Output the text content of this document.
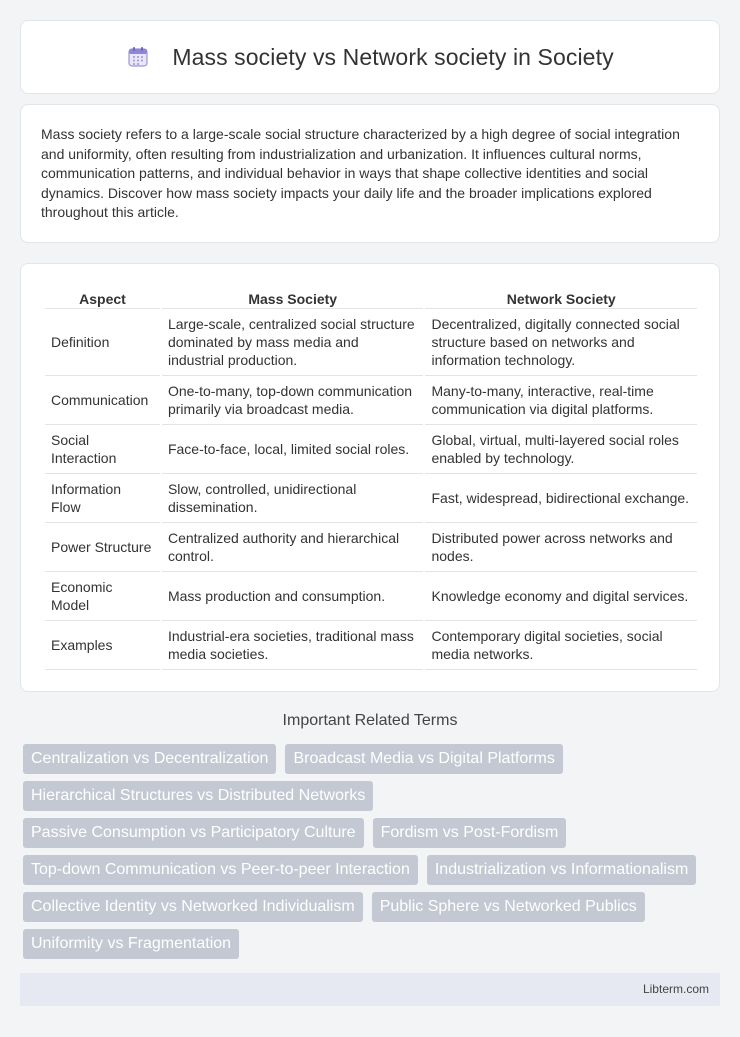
Mass society vs Network society in Society

Mass society refers to a large-scale social structure characterized by a high degree of social integration and uniformity, often resulting from industrialization and urbanization. It influences cultural norms, communication patterns, and individual behavior in ways that shape collective identities and social dynamics. Discover how mass society impacts your daily life and the broader implications explored throughout this article.

Aspect	Mass Society	Network Society
Definition	Large-scale, centralized social structure dominated by mass media and industrial production.	Decentralized, digitally connected social structure based on networks and information technology.
Communication	One-to-many, top-down communication primarily via broadcast media.	Many-to-many, interactive, real-time communication via digital platforms.
Social Interaction	Face-to-face, local, limited social roles.	Global, virtual, multi-layered social roles enabled by technology.
Information Flow	Slow, controlled, unidirectional dissemination.	Fast, widespread, bidirectional exchange.
Power Structure	Centralized authority and hierarchical control.	Distributed power across networks and nodes.
Economic Model	Mass production and consumption.	Knowledge economy and digital services.
Examples	Industrial-era societies, traditional mass media societies.	Contemporary digital societies, social media networks.
Important Related Terms
Centralization vs Decentralization	Broadcast Media vs Digital Platforms
Hierarchical Structures vs Distributed Networks
Passive Consumption vs Participatory Culture	Fordism vs Post-Fordism
Top-down Communication vs Peer-to-peer Interaction	Industrialization vs Informationalism
Collective Identity vs Networked Individualism	Public Sphere vs Networked Publics
Uniformity vs Fragmentation
Libterm.com
